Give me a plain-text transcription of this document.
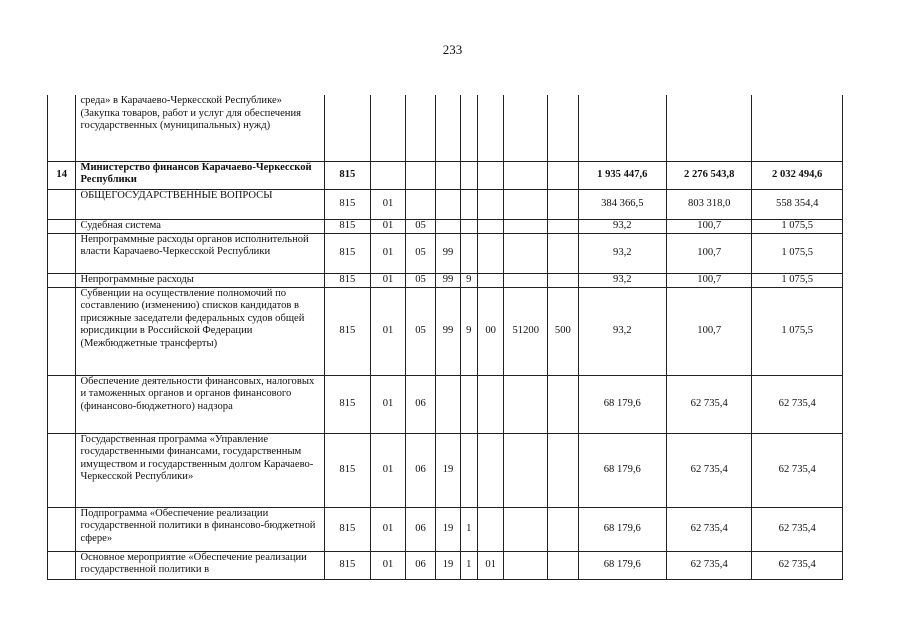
233
	среда» в Карачаево-Черкесской Республике» (Закупка товаров, работ и услуг для обеспечения государственных (муниципальных) нужд)											
14	Министерство финансов Карачаево-Черкесской Республики	815								1 935 447,6	2 276 543,8	2 032 494,6
	ОБЩЕГОСУДАРСТВЕННЫЕ ВОПРОСЫ	815	01							384 366,5	803 318,0	558 354,4
	Судебная система	815	01	05						93,2	100,7	1 075,5
	Непрограммные расходы органов исполнительной власти Карачаево-Черкесской Республики	815	01	05	99					93,2	100,7	1 075,5
	Непрограммные расходы	815	01	05	99	9				93,2	100,7	1 075,5
	Субвенции на осуществление полномочий по составлению (изменению) списков кандидатов в присяжные заседатели федеральных судов общей юрисдикции в Российской Федерации (Межбюджетные трансферты)	815	01	05	99	9	00	51200	500	93,2	100,7	1 075,5
	Обеспечение деятельности финансовых, налоговых и таможенных органов и органов финансового (финансово-бюджетного) надзора	815	01	06						68 179,6	62 735,4	62 735,4
	Государственная программа «Управление государственными финансами, государственным имуществом и государственным долгом Карачаево-Черкесской Республики»	815	01	06	19					68 179,6	62 735,4	62 735,4
	Подпрограмма «Обеспечение реализации государственной политики в финансово-бюджетной сфере»	815	01	06	19	1				68 179,6	62 735,4	62 735,4
	Основное мероприятие «Обеспечение реализации государственной политики в	815	01	06	19	1	01			68 179,6	62 735,4	62 735,4
